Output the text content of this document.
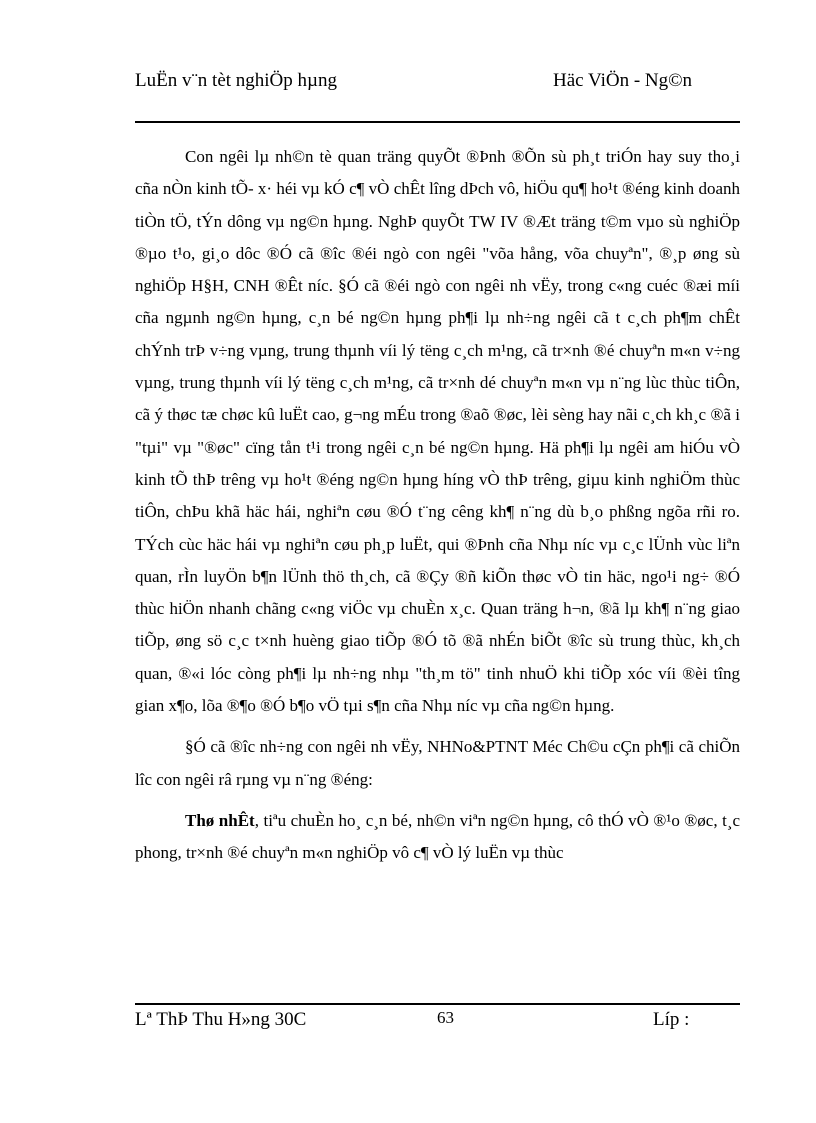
LuËn v¨n tèt nghiÖp hµng	Häc ViÖn - Ng©n

Con ngêi lµ nh©n tè quan träng quyÕt ®Þnh ®Õn sù ph¸t triÓn hay suy tho¸i cña nÒn kinh tÕ- x· héi vµ kÓ c¶ vÒ chÊt lîng dÞch vô, hiÖu qu¶ ho¹t ®éng kinh doanh tiÒn tÖ, tÝn dông vµ ng©n hµng. NghÞ quyÕt TW IV ®Æt träng t©m vµo sù nghiÖp ®µo t¹o, gi¸o dôc ®Ó cã ®îc ®éi ngò con ngêi "võa hång, võa chuyªn", ®¸p øng sù nghiÖp H§H, CNH ®Êt níc. §Ó cã ®éi ngò con ngêi nh vËy, trong c«ng cuéc ®æi míi cña ngµnh ng©n hµng, c¸n bé ng©n hµng ph¶i lµ nh÷ng ngêi cã t c¸ch ph¶m chÊt chÝnh trÞ v÷ng vµng, trung thµnh víi lý tëng c¸ch m¹ng, cã tr×nh ®é chuyªn m«n v÷ng vµng, trung thµnh víi lý tëng c¸ch m¹ng, cã tr×nh dé chuyªn m«n vµ n¨ng lùc thùc tiÔn, cã ý thøc tæ chøc kû luËt cao, g¬ng mÉu trong ®aõ ®øc, lèi sèng hay nãi c¸ch kh¸c ®ã i "tµi" vµ "®øc" cïng tån t¹i trong ngêi c¸n bé ng©n hµng. Hä ph¶i lµ ngêi am hiÓu vÒ kinh tÕ thÞ trêng vµ ho¹t ®éng ng©n hµng híng vÒ thÞ trêng, giµu kinh nghiÖm thùc tiÔn, chÞu khã häc hái, nghiªn cøu ®Ó t¨ng cêng kh¶ n¨ng dù b¸o phßng ngõa rñi ro. TÝch cùc häc hái vµ nghiªn cøu ph¸p luËt, qui ®Þnh cña Nhµ níc vµ c¸c lÜnh vùc liªn quan, rÌn luyÖn b¶n lÜnh thö th¸ch, cã ®Çy ®ñ kiÕn thøc vÒ tin häc, ngo¹i ng÷ ®Ó thùc hiÖn nhanh chãng c«ng viÖc vµ chuÈn x¸c. Quan träng h¬n, ®ã lµ kh¶ n¨ng giao tiÕp, øng sö c¸c t×nh huèng giao tiÕp ®Ó tõ ®ã nhÉn biÕt ®îc sù trung thùc, kh¸ch quan, ®«i lóc còng ph¶i lµ nh÷ng nhµ "th¸m tö" tinh nhuÖ khi tiÕp xóc víi ®èi tîng gian x¶o, lõa ®¶o ®Ó b¶o vÖ tµi s¶n cña Nhµ níc vµ cña ng©n hµng.

§Ó cã ®îc nh÷ng con ngêi nh vËy, NHNo&PTNT Méc Ch©u cÇn ph¶i cã chiÕn lîc con ngêi râ rµng vµ n¨ng ®éng:

Thø nhÊt, tiªu chuÈn ho¸ c¸n bé, nh©n viªn ng©n hµng, cô thÓ vÒ ®¹o ®øc, t¸c phong, tr×nh ®é chuyªn m«n nghiÖp vô c¶ vÒ lý luËn vµ thùc

Lª ThÞ Thu H»ng 30C	63	Líp :
